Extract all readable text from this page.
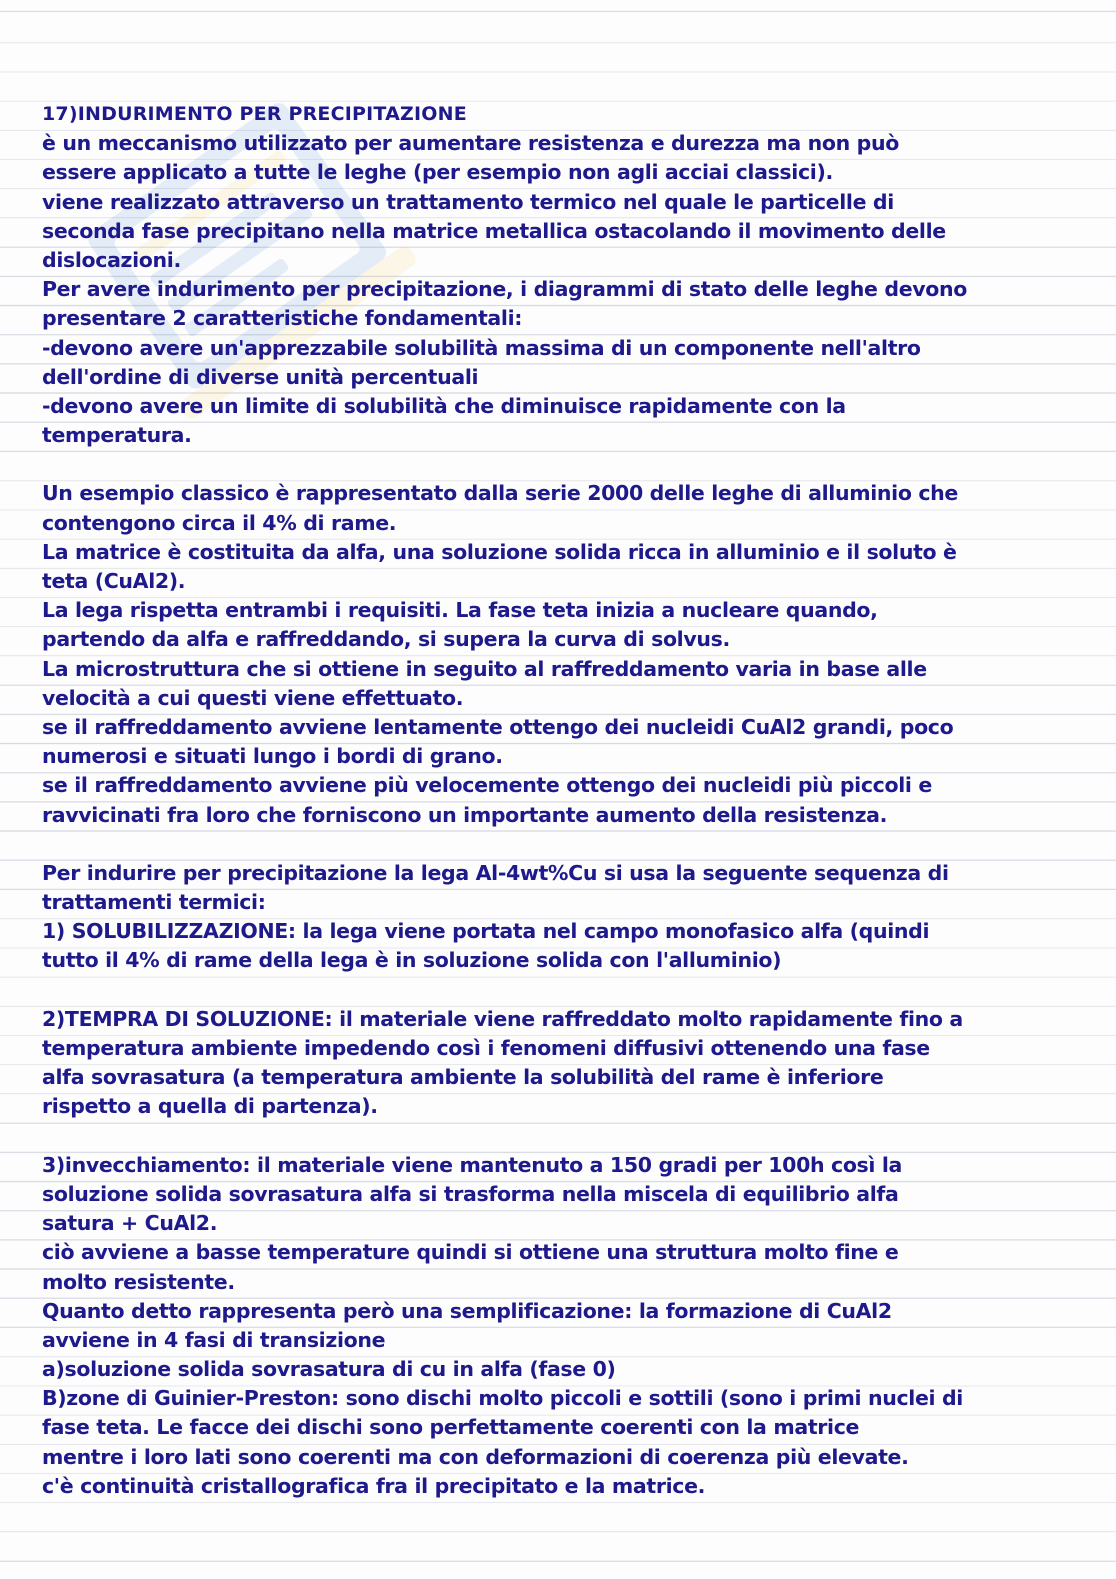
17)INDURIMENTO PER PRECIPITAZIONE
è un meccanismo utilizzato per aumentare resistenza e durezza ma non può
essere applicato a tutte le leghe (per esempio non agli acciai classici).
viene realizzato attraverso un trattamento termico nel quale le particelle di
seconda fase precipitano nella matrice metallica ostacolando il movimento delle
dislocazioni.
Per avere indurimento per precipitazione, i diagrammi di stato delle leghe devono
presentare 2 caratteristiche fondamentali:
-devono avere un'apprezzabile solubilità massima di un componente nell'altro
dell'ordine di diverse unità percentuali
-devono avere un limite di solubilità che diminuisce rapidamente con la
temperatura.
Un esempio classico è rappresentato dalla serie 2000 delle leghe di alluminio che
contengono circa il 4% di rame.
La matrice è costituita da alfa, una soluzione solida ricca in alluminio e il soluto è
teta (CuAl2).
La lega rispetta entrambi i requisiti. La fase teta inizia a nucleare quando,
partendo da alfa e raffreddando, si supera la curva di solvus.
La microstruttura che si ottiene in seguito al raffreddamento varia in base alle
velocità a cui questi viene effettuato.
se il raffreddamento avviene lentamente ottengo dei nucleidi CuAl2 grandi, poco
numerosi e situati lungo i bordi di grano.
se il raffreddamento avviene più velocemente ottengo dei nucleidi più piccoli e
ravvicinati fra loro che forniscono un importante aumento della resistenza.
Per indurire per precipitazione la lega Al-4wt%Cu si usa la seguente sequenza di
trattamenti termici:
1) SOLUBILIZZAZIONE: la lega viene portata nel campo monofasico alfa (quindi
tutto il 4% di rame della lega è in soluzione solida con l'alluminio)
2)TEMPRA DI SOLUZIONE: il materiale viene raffreddato molto rapidamente fino a
temperatura ambiente impedendo così i fenomeni diffusivi ottenendo una fase
alfa sovrasatura (a temperatura ambiente la solubilità del rame è inferiore
rispetto a quella di partenza).
3)invecchiamento: il materiale viene mantenuto a 150 gradi per 100h così la
soluzione solida sovrasatura alfa si trasforma nella miscela di equilibrio alfa
satura + CuAl2.
ciò avviene a basse temperature quindi si ottiene una struttura molto fine e
molto resistente.
Quanto detto rappresenta però una semplificazione: la formazione di CuAl2
avviene in 4 fasi di transizione
a)soluzione solida sovrasatura di cu in alfa (fase 0)
B)zone di Guinier-Preston: sono dischi molto piccoli e sottili (sono i primi nuclei di
fase teta. Le facce dei dischi sono perfettamente coerenti con la matrice
mentre i loro lati sono coerenti ma con deformazioni di coerenza più elevate.
c'è continuità cristallografica fra il precipitato e la matrice.
